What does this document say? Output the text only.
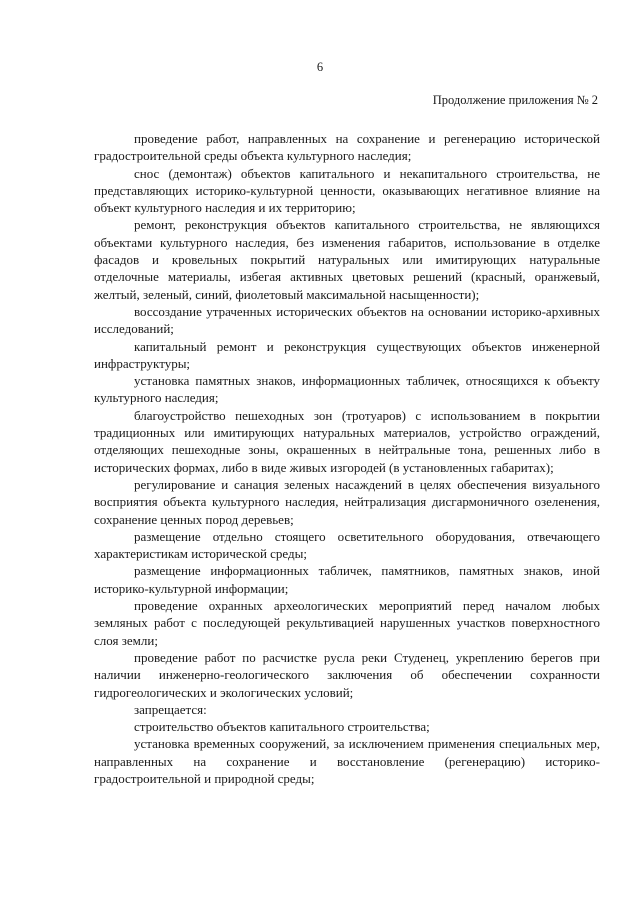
6
Продолжение приложения № 2

проведение работ, направленных на сохранение и регенерацию исторической градостроительной среды объекта культурного наследия;

снос (демонтаж) объектов капитального и некапитального строительства, не представляющих историко-культурной ценности, оказывающих негативное влияние на объект культурного наследия и их территорию;

ремонт, реконструкция объектов капитального строительства, не являющихся объектами культурного наследия, без изменения габаритов, использование в отделке фасадов и кровельных покрытий натуральных или имитирующих натуральные отделочные материалы, избегая активных цветовых решений (красный, оранжевый, желтый, зеленый, синий, фиолетовый максимальной насыщенности);

воссоздание утраченных исторических объектов на основании историко-архивных исследований;

капитальный ремонт и реконструкция существующих объектов инженерной инфраструктуры;

установка памятных знаков, информационных табличек, относящихся к объекту культурного наследия;

благоустройство пешеходных зон (тротуаров) с использованием в покрытии традиционных или имитирующих натуральных материалов, устройство ограждений, отделяющих пешеходные зоны, окрашенных в нейтральные тона, решенных либо в исторических формах, либо в виде живых изгородей (в установленных габаритах);

регулирование и санация зеленых насаждений в целях обеспечения визуального восприятия объекта культурного наследия, нейтрализация дисгармоничного озеленения, сохранение ценных пород деревьев;

размещение отдельно стоящего осветительного оборудования, отвечающего характеристикам исторической среды;

размещение информационных табличек, памятников, памятных знаков, иной историко-культурной информации;

проведение охранных археологических мероприятий перед началом любых земляных работ с последующей рекультивацией нарушенных участков поверхностного слоя земли;

проведение работ по расчистке русла реки Студенец, укреплению берегов при наличии инженерно-геологического заключения об обеспечении сохранности гидрогеологических и экологических условий;

запрещается:

строительство объектов капитального строительства;

установка временных сооружений, за исключением применения специальных мер, направленных на сохранение и восстановление (регенерацию) историко-градостроительной и природной среды;
